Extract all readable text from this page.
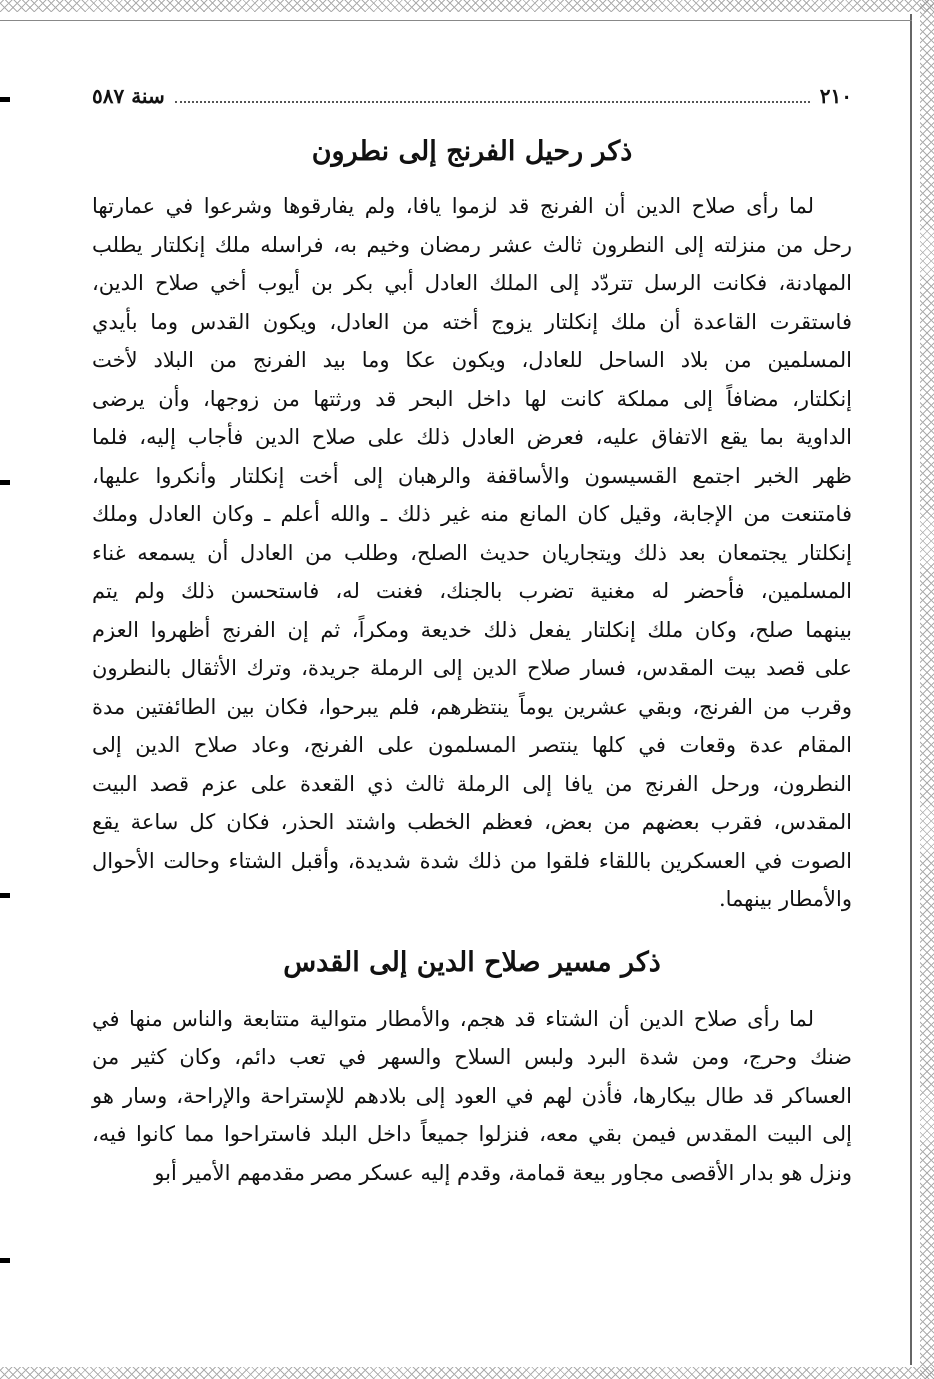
٢١٠
سنة ٥٨٧
ذكر رحيل الفرنج إلى نطرون
لما رأى صلاح الدين أن الفرنج قد لزموا يافا، ولم يفارقوها وشرعوا في عمارتها
رحل من منزلته إلى النطرون ثالث عشر رمضان وخيم به، فراسله ملك إنكلتار يطلب
المهادنة، فكانت الرسل تتردّد إلى الملك العادل أبي بكر بن أيوب أخي صلاح الدين،
فاستقرت القاعدة أن ملك إنكلتار يزوج أخته من العادل، ويكون القدس وما بأيدي
المسلمين من بلاد الساحل للعادل، ويكون عكا وما بيد الفرنج من البلاد لأخت
إنكلتار، مضافاً إلى مملكة كانت لها داخل البحر قد ورثتها من زوجها، وأن يرضى
الداوية بما يقع الاتفاق عليه، فعرض العادل ذلك على صلاح الدين فأجاب إليه، فلما
ظهر الخبر اجتمع القسيسون والأساقفة والرهبان إلى أخت إنكلتار وأنكروا عليها،
فامتنعت من الإجابة، وقيل كان المانع منه غير ذلك ـ والله أعلم ـ وكان العادل وملك
إنكلتار يجتمعان بعد ذلك ويتجاريان حديث الصلح، وطلب من العادل أن يسمعه غناء
المسلمين، فأحضر له مغنية تضرب بالجنك، فغنت له، فاستحسن ذلك ولم يتم
بينهما صلح، وكان ملك إنكلتار يفعل ذلك خديعة ومكراً، ثم إن الفرنج أظهروا العزم
على قصد بيت المقدس، فسار صلاح الدين إلى الرملة جريدة، وترك الأثقال بالنطرون
وقرب من الفرنج، وبقي عشرين يوماً ينتظرهم، فلم يبرحوا، فكان بين الطائفتين مدة
المقام عدة وقعات في كلها ينتصر المسلمون على الفرنج، وعاد صلاح الدين إلى
النطرون، ورحل الفرنج من يافا إلى الرملة ثالث ذي القعدة على عزم قصد البيت
المقدس، فقرب بعضهم من بعض، فعظم الخطب واشتد الحذر، فكان كل ساعة يقع
الصوت في العسكرين باللقاء فلقوا من ذلك شدة شديدة، وأقبل الشتاء وحالت الأحوال
والأمطار بينهما.
ذكر مسير صلاح الدين إلى القدس
لما رأى صلاح الدين أن الشتاء قد هجم، والأمطار متوالية متتابعة والناس منها في
ضنك وحرج، ومن شدة البرد ولبس السلاح والسهر في تعب دائم، وكان كثير من
العساكر قد طال بيكارها، فأذن لهم في العود إلى بلادهم للإستراحة والإراحة، وسار هو
إلى البيت المقدس فيمن بقي معه، فنزلوا جميعاً داخل البلد فاستراحوا مما كانوا فيه،
ونزل هو بدار الأقصى مجاور بيعة قمامة، وقدم إليه عسكر مصر مقدمهم الأمير أبو
